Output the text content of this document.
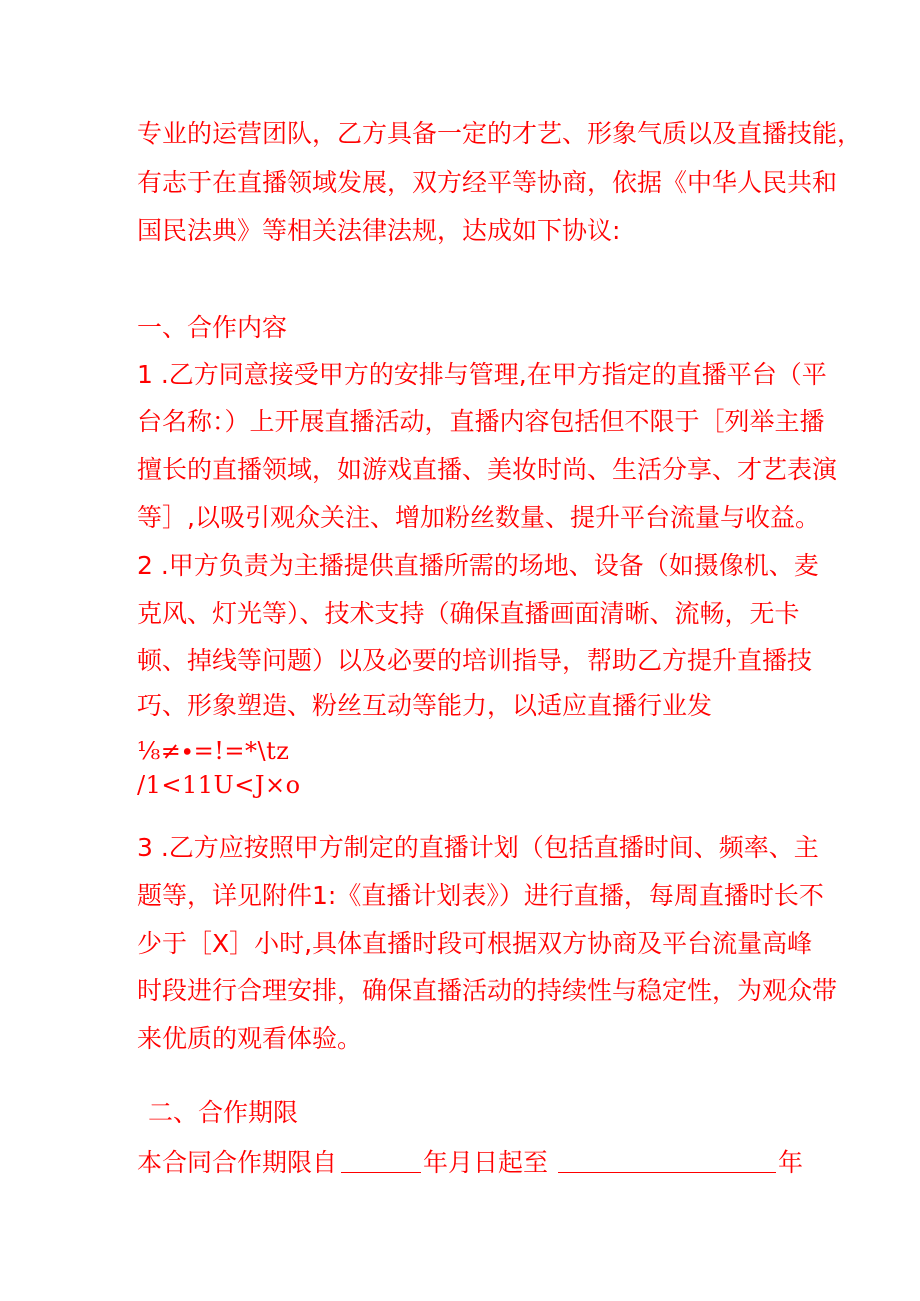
专业的运营团队，乙方具备一定的才艺、形象气质以及直播技能，
有志于在直播领域发展，双方经平等协商，依据《中华人民共和
国民法典》等相关法律法规，达成如下协议:
一、合作内容
1 .乙方同意接受甲方的安排与管理,在甲方指定的直播平台（平
台名称：）上开展直播活动，直播内容包括但不限于［列举主播
擅长的直播领域，如游戏直播、美妆时尚、生活分享、才艺表演
等］,以吸引观众关注、增加粉丝数量、提升平台流量与收益。
2 .甲方负责为主播提供直播所需的场地、设备（如摄像机、麦
克风、灯光等）、技术支持（确保直播画面清晰、流畅，无卡
顿、掉线等问题）以及必要的培训指导，帮助乙方提升直播技
巧、形象塑造、粉丝互动等能力，以适应直播行业发
⅛≠∙=!=*\tz
/1<11U<J×o
3 .乙方应按照甲方制定的直播计划（包括直播时间、频率、主
题等，详见附件1:《直播计划表》）进行直播，每周直播时长不
少于［X］小时,具体直播时段可根据双方协商及平台流量高峰
时段进行合理安排，确保直播活动的持续性与稳定性，为观众带
来优质的观看体验。
二、合作期限
本合同合作期限自	年月日起至	年
